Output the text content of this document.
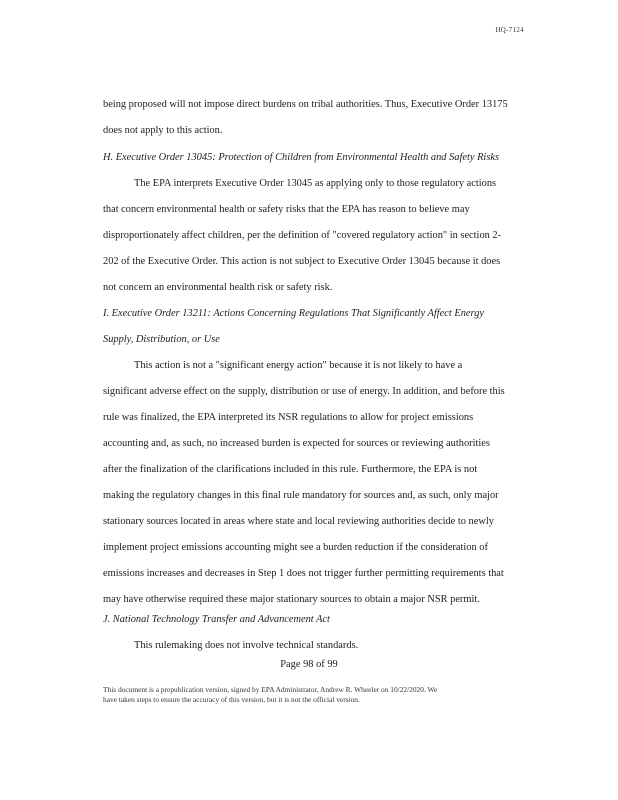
HQ-7124
being proposed will not impose direct burdens on tribal authorities. Thus, Executive Order 13175
does not apply to this action.
H. Executive Order 13045: Protection of Children from Environmental Health and Safety Risks
The EPA interprets Executive Order 13045 as applying only to those regulatory actions
that concern environmental health or safety risks that the EPA has reason to believe may
disproportionately affect children, per the definition of "covered regulatory action" in section 2-
202 of the Executive Order. This action is not subject to Executive Order 13045 because it does
not concern an environmental health risk or safety risk.
I. Executive Order 13211: Actions Concerning Regulations That Significantly Affect Energy
Supply, Distribution, or Use
This action is not a "significant energy action" because it is not likely to have a
significant adverse effect on the supply, distribution or use of energy. In addition, and before this
rule was finalized, the EPA interpreted its NSR regulations to allow for project emissions
accounting and, as such, no increased burden is expected for sources or reviewing authorities
after the finalization of the clarifications included in this rule. Furthermore, the EPA is not
making the regulatory changes in this final rule mandatory for sources and, as such, only major
stationary sources located in areas where state and local reviewing authorities decide to newly
implement project emissions accounting might see a burden reduction if the consideration of
emissions increases and decreases in Step 1 does not trigger further permitting requirements that
may have otherwise required these major stationary sources to obtain a major NSR permit.
J. National Technology Transfer and Advancement Act
This rulemaking does not involve technical standards.
Page 98 of 99
This document is a prepublication version, signed by EPA Administrator, Andrew R. Wheeler on 10/22/2020. We
have taken steps to ensure the accuracy of this version, but it is not the official version.
